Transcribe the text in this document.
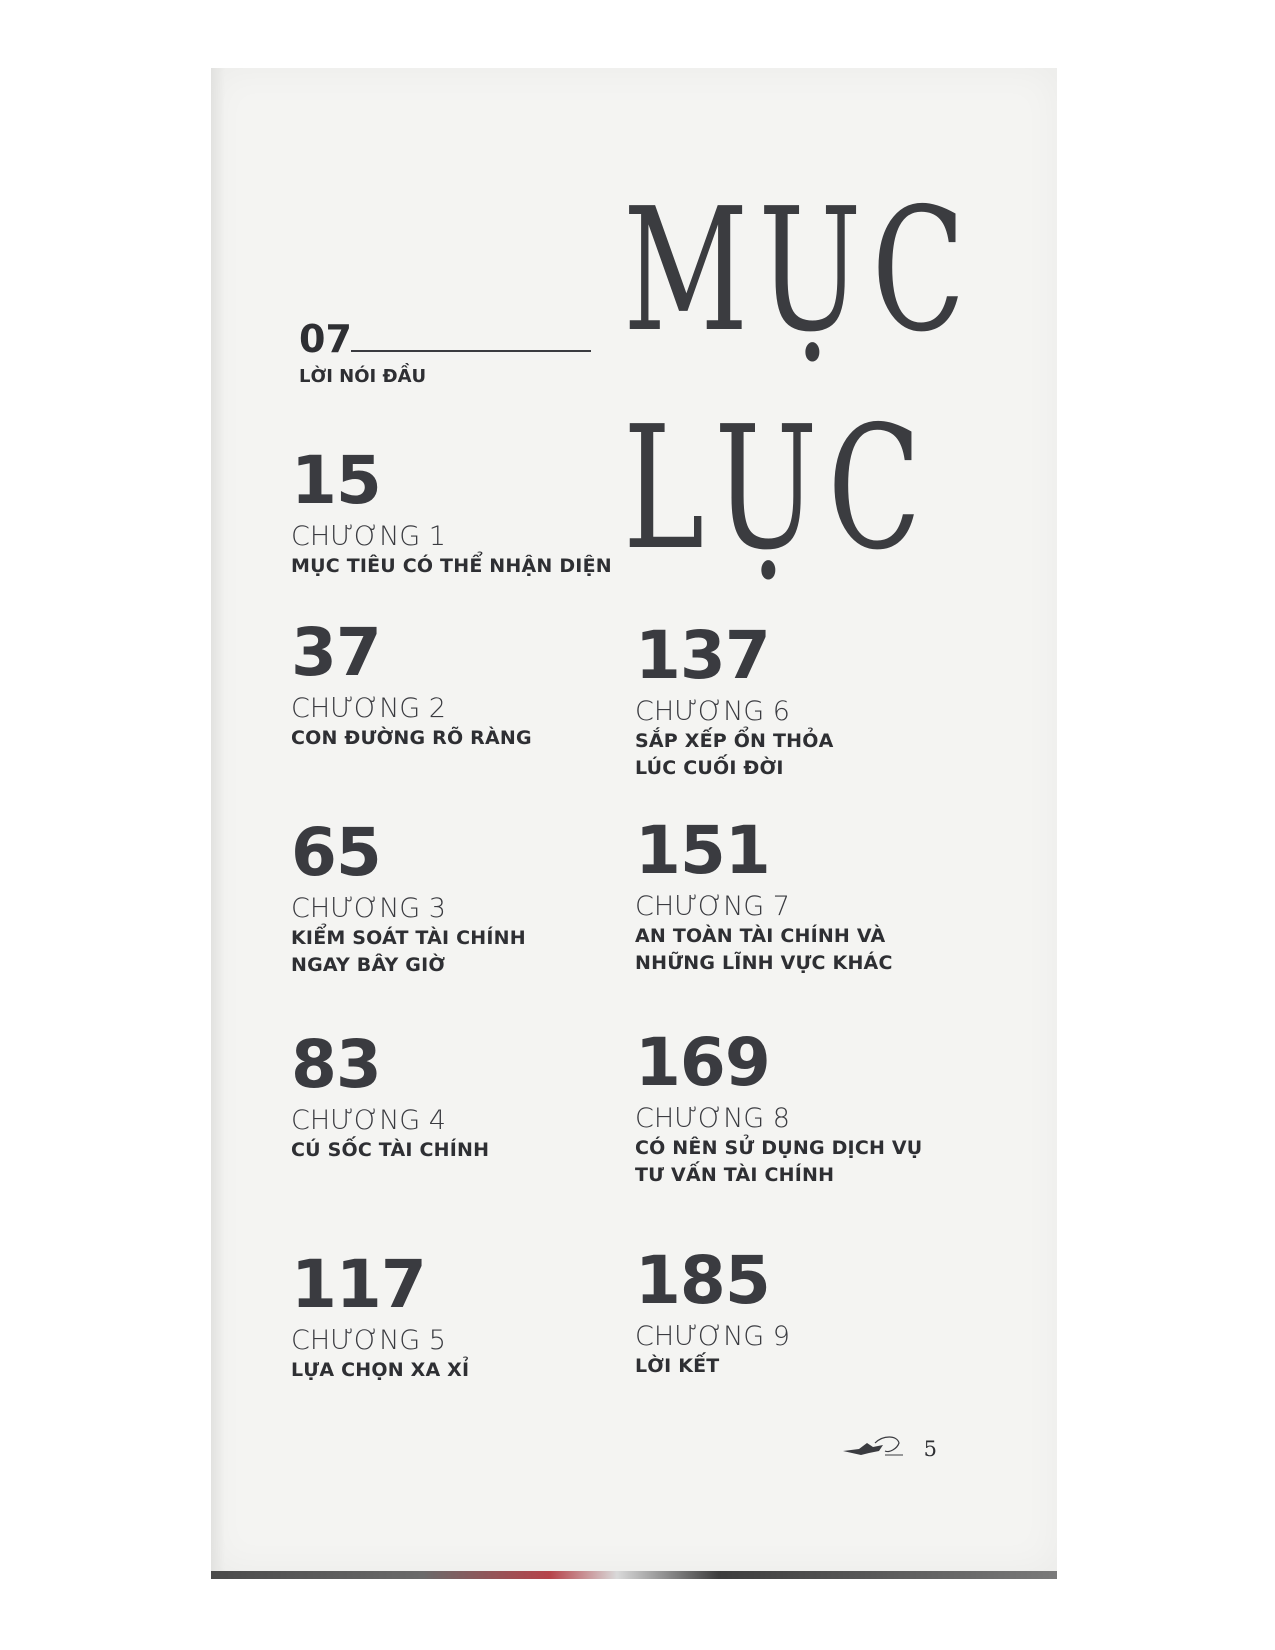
MỤC
LỤC
07
LỜI NÓI ĐẦU
15
CHƯƠNG 1
MỤC TIÊU CÓ THỂ NHẬN DIỆN
37
CHƯƠNG 2
CON ĐƯỜNG RÕ RÀNG
65
CHƯƠNG 3
KIỂM SOÁT TÀI CHÍNH
NGAY BÂY GIỜ
83
CHƯƠNG 4
CÚ SỐC TÀI CHÍNH
117
CHƯƠNG 5
LỰA CHỌN XA XỈ
137
CHƯƠNG 6
SẮP XẾP ỔN THỎA
LÚC CUỐI ĐỜI
151
CHƯƠNG 7
AN TOÀN TÀI CHÍNH VÀ
NHỮNG LĨNH VỰC KHÁC
169
CHƯƠNG 8
CÓ NÊN SỬ DỤNG DỊCH VỤ
TƯ VẤN TÀI CHÍNH
185
CHƯƠNG 9
LỜI KẾT
5
